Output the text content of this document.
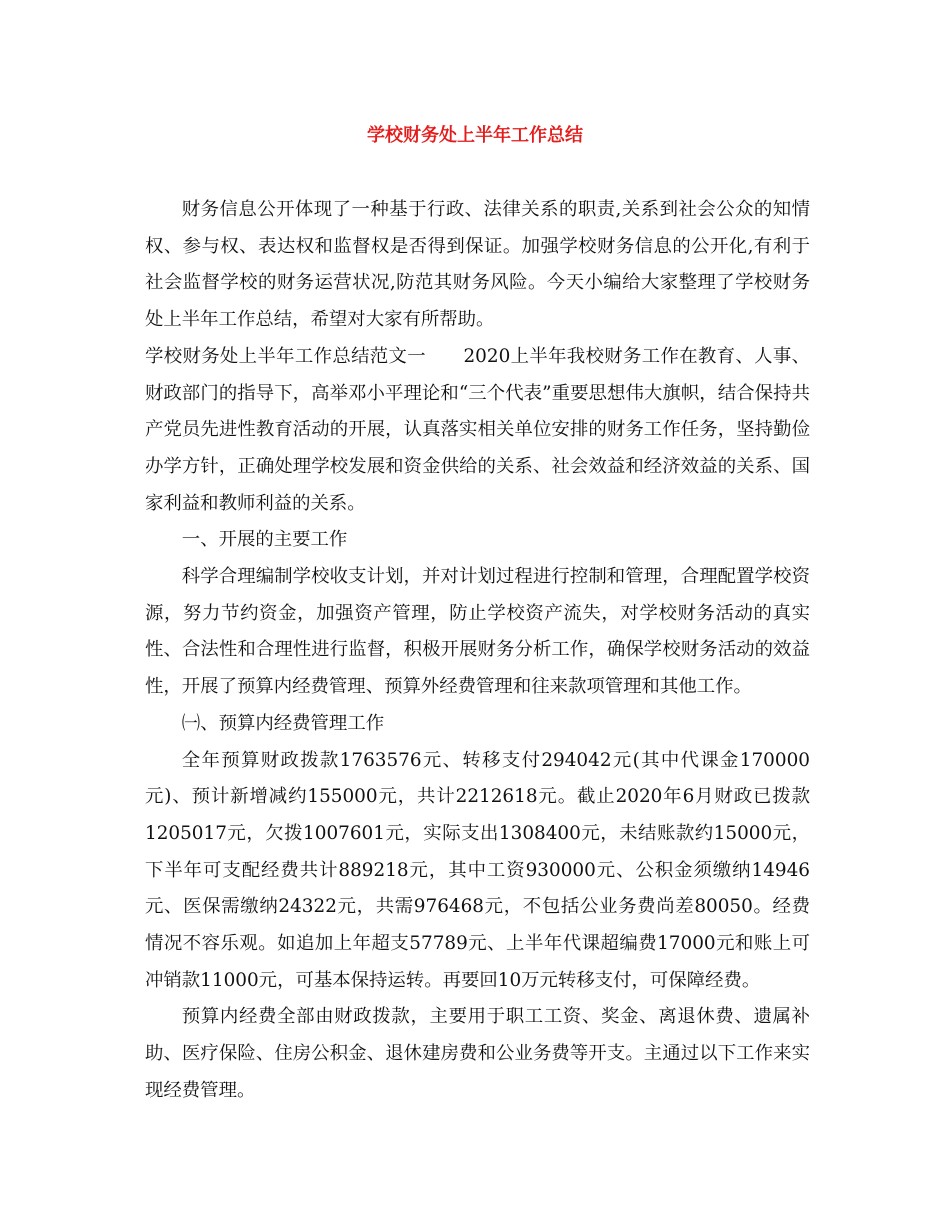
学校财务处上半年工作总结

财务信息公开体现了一种基于行政、法律关系的职责,关系到社会公众的知情权、参与权、表达权和监督权是否得到保证。加强学校财务信息的公开化,有利于社会监督学校的财务运营状况,防范其财务风险。今天小编给大家整理了学校财务处上半年工作总结，希望对大家有所帮助。

学校财务处上半年工作总结范文一　　2020上半年我校财务工作在教育、人事、财政部门的指导下，高举邓小平理论和“三个代表”重要思想伟大旗帜，结合保持共产党员先进性教育活动的开展，认真落实相关单位安排的财务工作任务，坚持勤俭办学方针，正确处理学校发展和资金供给的关系、社会效益和经济效益的关系、国家利益和教师利益的关系。

一、开展的主要工作

科学合理编制学校收支计划，并对计划过程进行控制和管理，合理配置学校资源，努力节约资金，加强资产管理，防止学校资产流失，对学校财务活动的真实性、合法性和合理性进行监督，积极开展财务分析工作，确保学校财务活动的效益性，开展了预算内经费管理、预算外经费管理和往来款项管理和其他工作。

㈠、预算内经费管理工作

全年预算财政拨款1763576元、转移支付294042元(其中代课金170000元)、预计新增减约155000元，共计2212618元。截止2020年6月财政已拨款1205017元，欠拨1007601元，实际支出1308400元，未结账款约15000元，下半年可支配经费共计889218元，其中工资930000元、公积金须缴纳14946元、医保需缴纳24322元，共需976468元，不包括公业务费尚差80050。经费情况不容乐观。如追加上年超支57789元、上半年代课超编费17000元和账上可冲销款11000元，可基本保持运转。再要回10万元转移支付，可保障经费。

预算内经费全部由财政拨款，主要用于职工工资、奖金、离退休费、遗属补助、医疗保险、住房公积金、退休建房费和公业务费等开支。主通过以下工作来实现经费管理。
